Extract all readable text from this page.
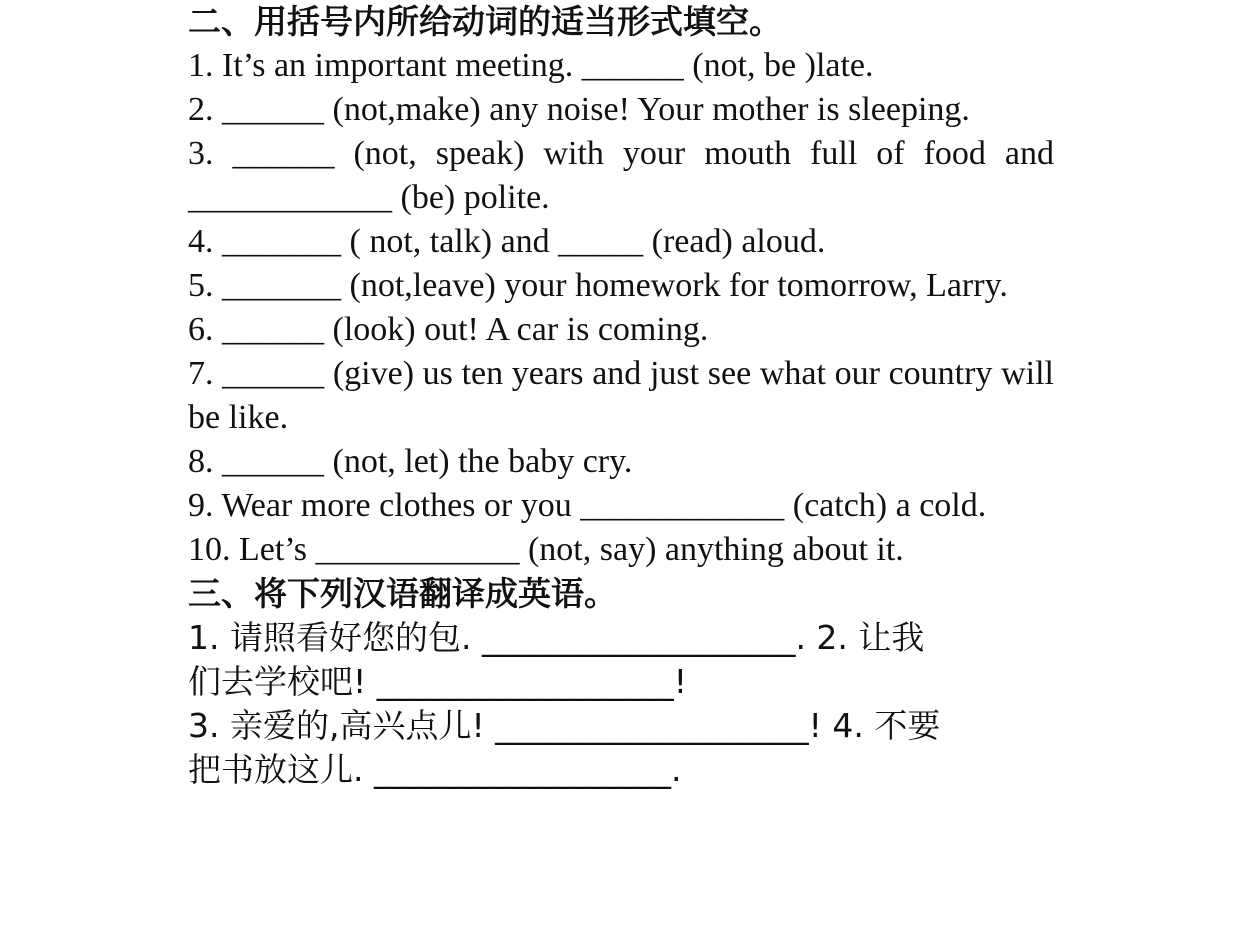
二、用括号内所给动词的适当形式填空。
1. It’s an important meeting. ______ (not, be )late.
2. ______ (not,make) any noise! Your mother is sleeping.
3. ______ (not, speak) with your mouth full of food and ____________ (be) polite.
4. _______ ( not, talk) and _____ (read) aloud.
5. _______ (not,leave) your homework for tomorrow, Larry.
6. ______ (look) out! A car is coming.
7. ______ (give) us ten years and just see what our country will be like.
8. ______ (not, let) the baby cry.
9. Wear more clothes or you ____________ (catch) a cold.
10. Let’s ____________ (not, say) anything about it.
三、将下列汉语翻译成英语。
1. 请照看好您的包. ___________________. 2. 让我
们去学校吧! __________________!
3. 亲爱的,高兴点儿! ___________________! 4. 不要
把书放这儿. __________________.
